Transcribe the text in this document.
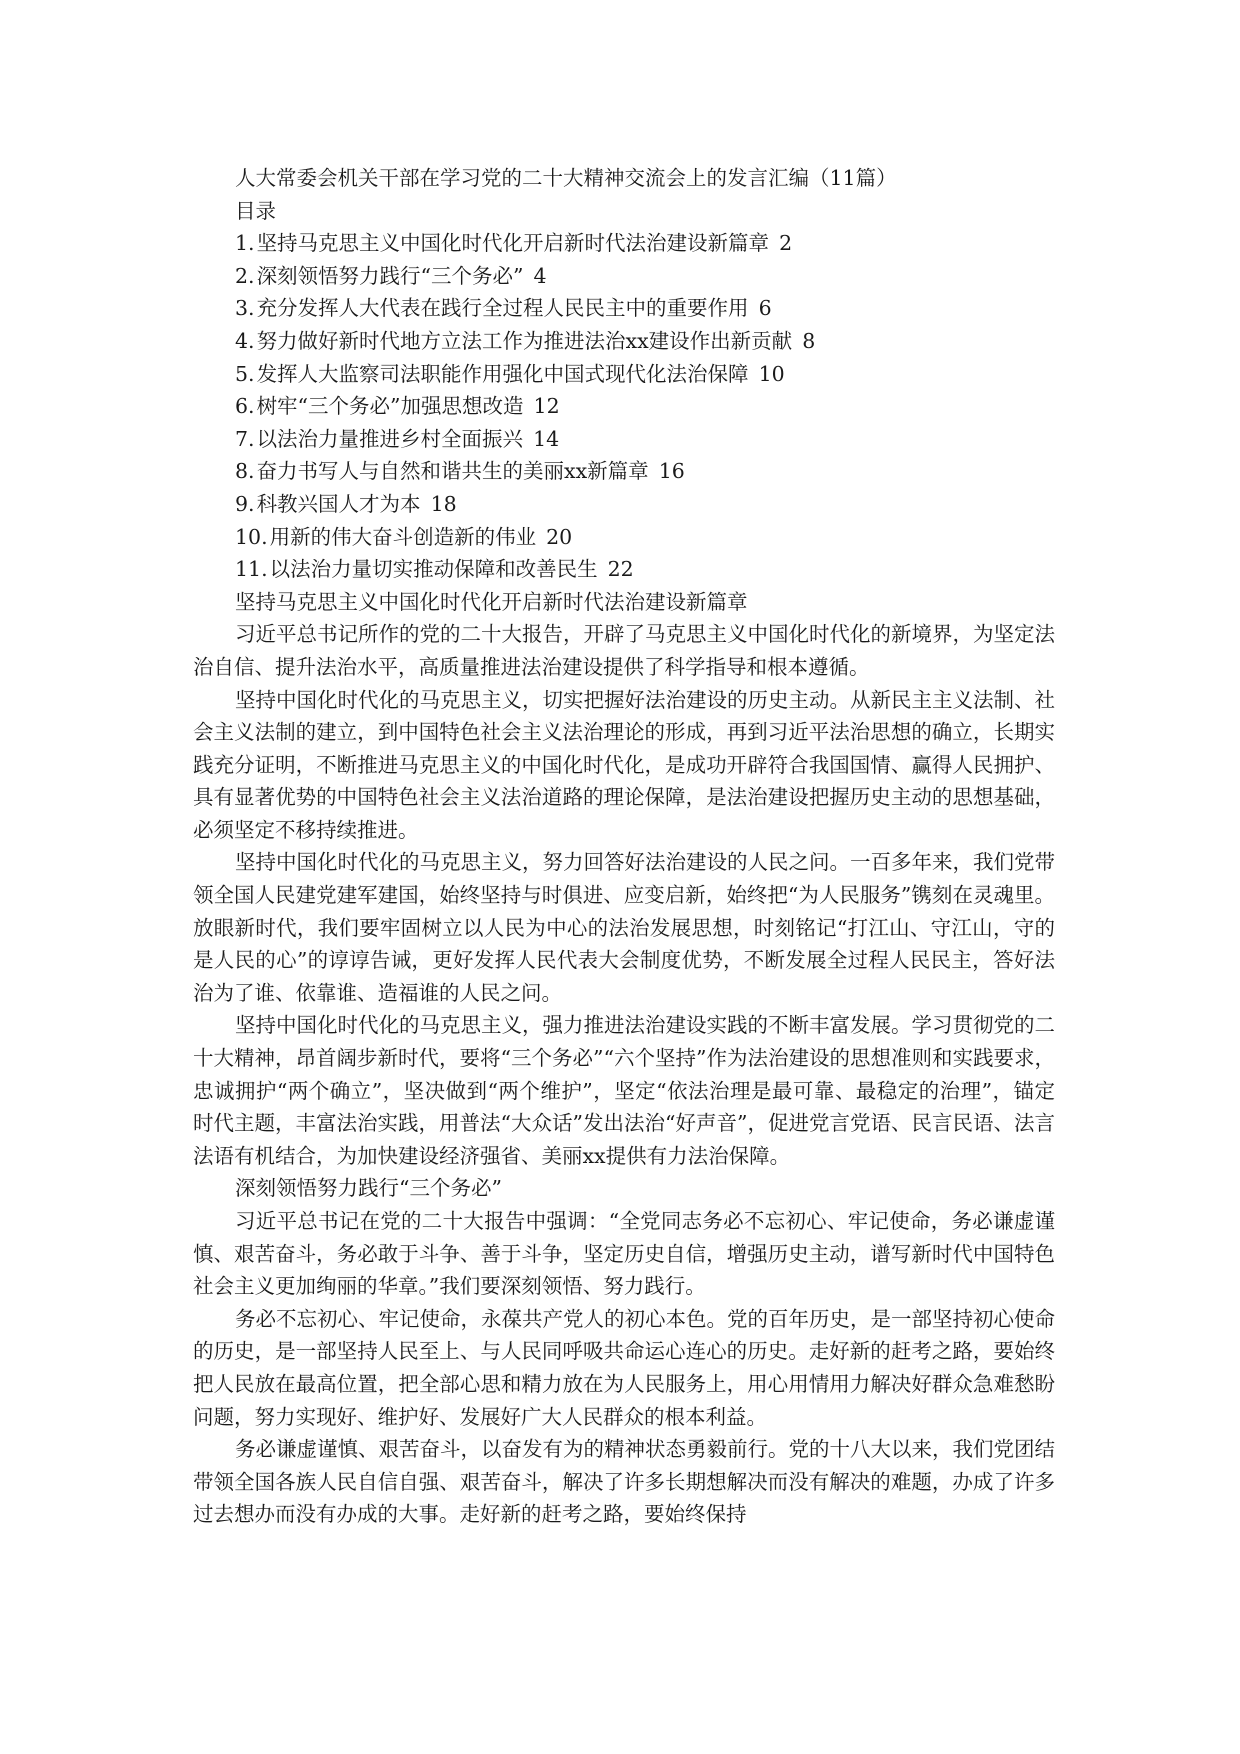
人大常委会机关干部在学习党的二十大精神交流会上的发言汇编（11篇）
目录
1.坚持马克思主义中国化时代化开启新时代法治建设新篇章 2
2.深刻领悟努力践行“三个务必” 4
3.充分发挥人大代表在践行全过程人民民主中的重要作用 6
4.努力做好新时代地方立法工作为推进法治xx建设作出新贡献 8
5.发挥人大监察司法职能作用强化中国式现代化法治保障 10
6.树牢“三个务必”加强思想改造 12
7.以法治力量推进乡村全面振兴 14
8.奋力书写人与自然和谐共生的美丽xx新篇章 16
9.科教兴国人才为本 18
10.用新的伟大奋斗创造新的伟业 20
11.以法治力量切实推动保障和改善民生 22
坚持马克思主义中国化时代化开启新时代法治建设新篇章

习近平总书记所作的党的二十大报告，开辟了马克思主义中国化时代化的新境界，为坚定法治自信、提升法治水平，高质量推进法治建设提供了科学指导和根本遵循。

坚持中国化时代化的马克思主义，切实把握好法治建设的历史主动。从新民主主义法制、社会主义法制的建立，到中国特色社会主义法治理论的形成，再到习近平法治思想的确立，长期实践充分证明，不断推进马克思主义的中国化时代化，是成功开辟符合我国国情、赢得人民拥护、具有显著优势的中国特色社会主义法治道路的理论保障，是法治建设把握历史主动的思想基础，必须坚定不移持续推进。

坚持中国化时代化的马克思主义，努力回答好法治建设的人民之问。一百多年来，我们党带领全国人民建党建军建国，始终坚持与时俱进、应变启新，始终把“为人民服务”镌刻在灵魂里。放眼新时代，我们要牢固树立以人民为中心的法治发展思想，时刻铭记“打江山、守江山，守的是人民的心”的谆谆告诫，更好发挥人民代表大会制度优势，不断发展全过程人民民主，答好法治为了谁、依靠谁、造福谁的人民之问。

坚持中国化时代化的马克思主义，强力推进法治建设实践的不断丰富发展。学习贯彻党的二十大精神，昂首阔步新时代，要将“三个务必”“六个坚持”作为法治建设的思想准则和实践要求，忠诚拥护“两个确立”，坚决做到“两个维护”，坚定“依法治理是最可靠、最稳定的治理”，锚定时代主题，丰富法治实践，用普法“大众话”发出法治“好声音”，促进党言党语、民言民语、法言法语有机结合，为加快建设经济强省、美丽xx提供有力法治保障。

深刻领悟努力践行“三个务必”

习近平总书记在党的二十大报告中强调：“全党同志务必不忘初心、牢记使命，务必谦虚谨慎、艰苦奋斗，务必敢于斗争、善于斗争，坚定历史自信，增强历史主动，谱写新时代中国特色社会主义更加绚丽的华章。”我们要深刻领悟、努力践行。

务必不忘初心、牢记使命，永葆共产党人的初心本色。党的百年历史，是一部坚持初心使命的历史，是一部坚持人民至上、与人民同呼吸共命运心连心的历史。走好新的赶考之路，要始终把人民放在最高位置，把全部心思和精力放在为人民服务上，用心用情用力解决好群众急难愁盼问题，努力实现好、维护好、发展好广大人民群众的根本利益。

务必谦虚谨慎、艰苦奋斗，以奋发有为的精神状态勇毅前行。党的十八大以来，我们党团结带领全国各族人民自信自强、艰苦奋斗，解决了许多长期想解决而没有解决的难题，办成了许多过去想办而没有办成的大事。走好新的赶考之路，要始终保持
